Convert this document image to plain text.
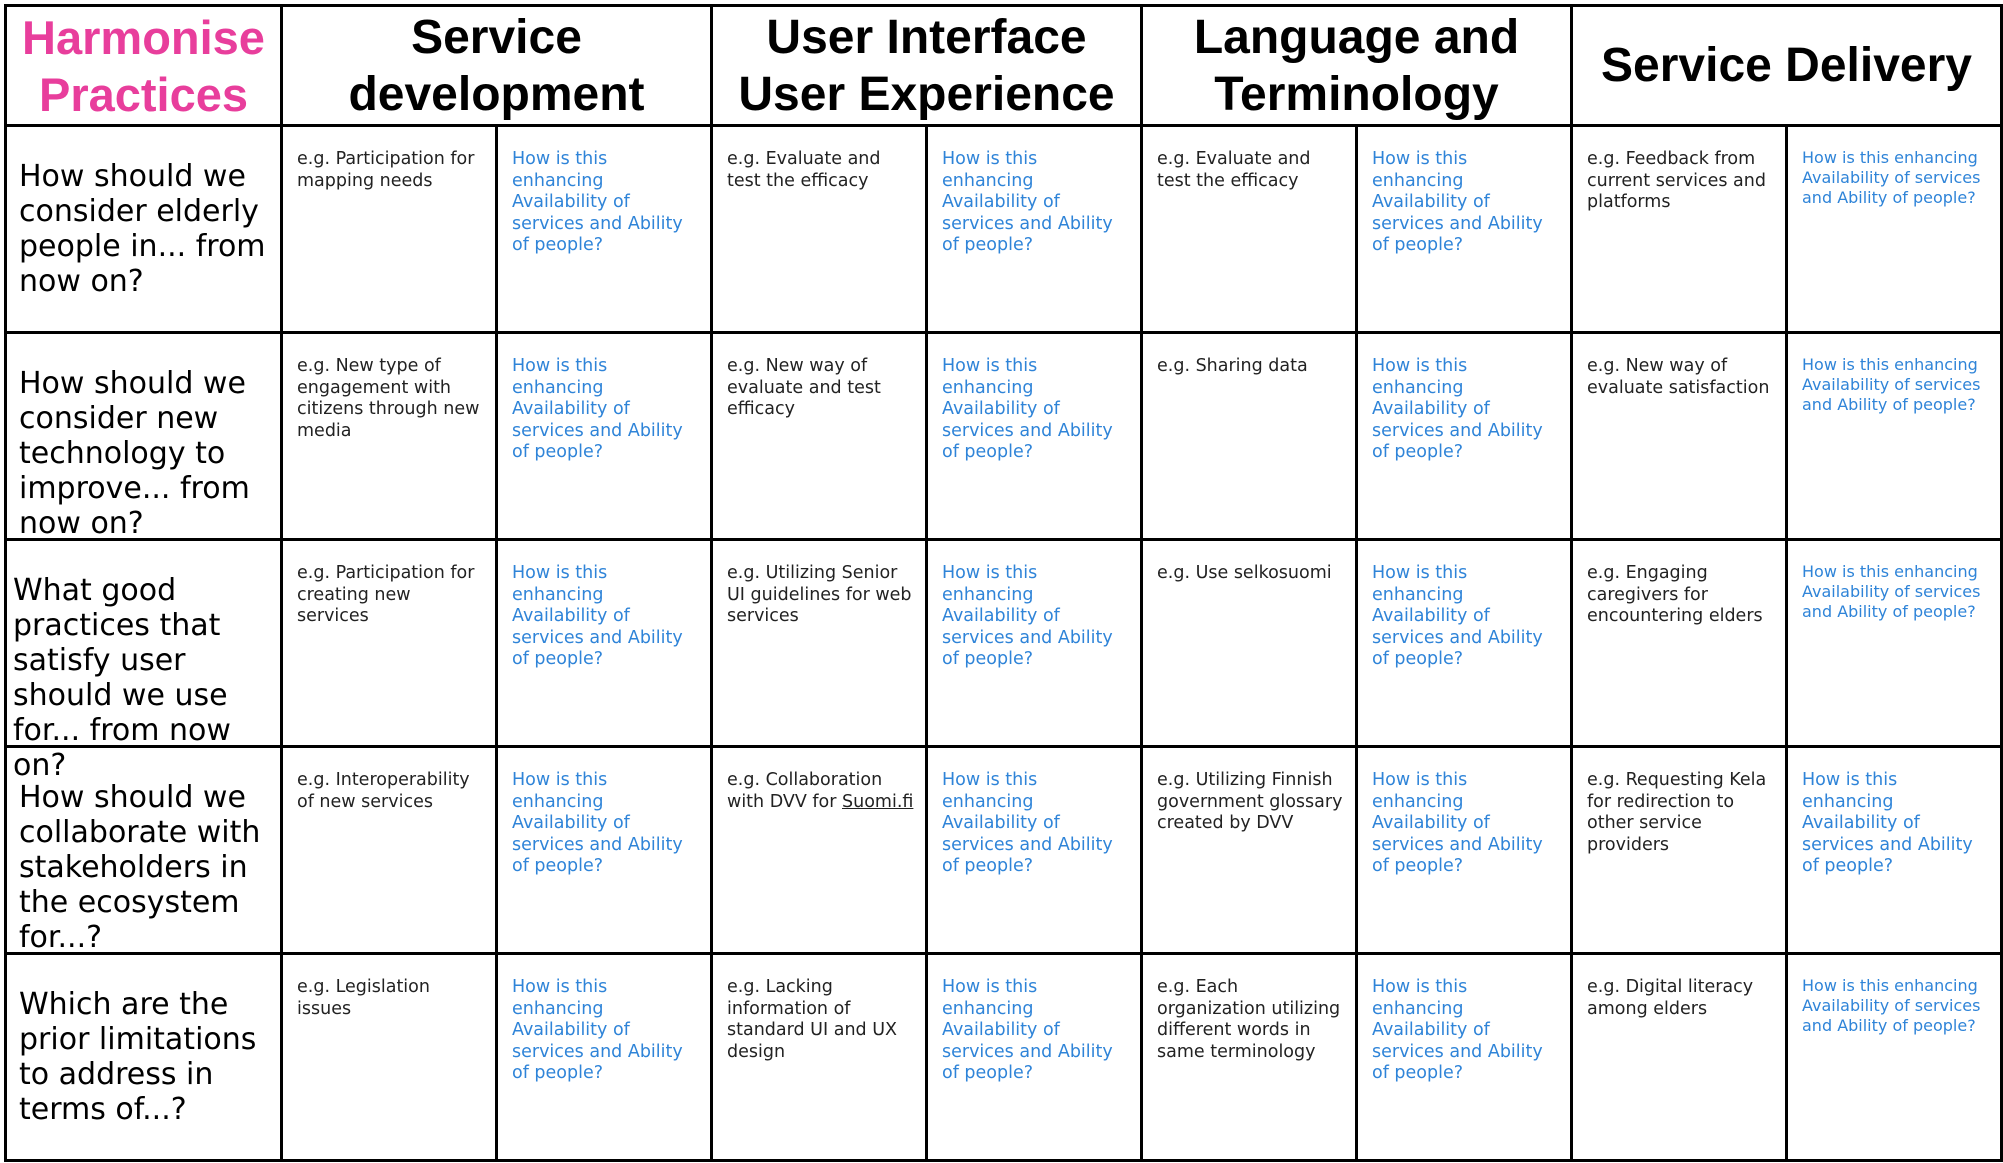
Harmonise Practices
Service development
User Interface User Experience
Language and Terminology
Service Delivery
How should we consider elderly people in... from now on?
e.g. Participation for mapping needs
How is this enhancing Availability of services and Ability of people?
e.g. Evaluate and test the efficacy
How is this enhancing Availability of services and Ability of people?
e.g. Evaluate and test the efficacy
How is this enhancing Availability of services and Ability of people?
e.g. Feedback from current services and platforms
How is this enhancing Availability of services and Ability of people?
How should we consider new technology to improve... from now on?
e.g. New type of engagement with citizens through new media
How is this enhancing Availability of services and Ability of people?
e.g. New way of evaluate and test efficacy
How is this enhancing Availability of services and Ability of people?
e.g. Sharing data	How is this enhancing Availability of services and Ability of people?
e.g. New way of evaluate satisfaction
How is this enhancing Availability of services and Ability of people?
What good practices that satisfy user should we use for... from now on?
e.g. Participation for creating new services
How is this enhancing Availability of services and Ability of people?
e.g. Utilizing Senior UI guidelines for web services
How is this enhancing Availability of services and Ability of people?
e.g. Use selkosuomi	How is this enhancing Availability of services and Ability of people?
e.g. Engaging caregivers for encountering elders
How is this enhancing Availability of services and Ability of people?
How should we collaborate with stakeholders in the ecosystem for...?
e.g. Interoperability of new services
How is this enhancing Availability of services and Ability of people?
e.g. Collaboration with DVV for Suomi.fi
How is this enhancing Availability of services and Ability of people?
e.g. Utilizing Finnish government glossary created by DVV
How is this enhancing Availability of services and Ability of people?
e.g. Requesting Kela for redirection to other service providers
How is this enhancing Availability of services and Ability of people?
Which are the prior limitations to address in terms of...?
e.g. Legislation issues
How is this enhancing Availability of services and Ability of people?
e.g. Lacking information of standard UI and UX design
How is this enhancing Availability of services and Ability of people?
e.g. Each organization utilizing different words in same terminology
How is this enhancing Availability of services and Ability of people?
e.g. Digital literacy among elders
How is this enhancing Availability of services and Ability of people?
